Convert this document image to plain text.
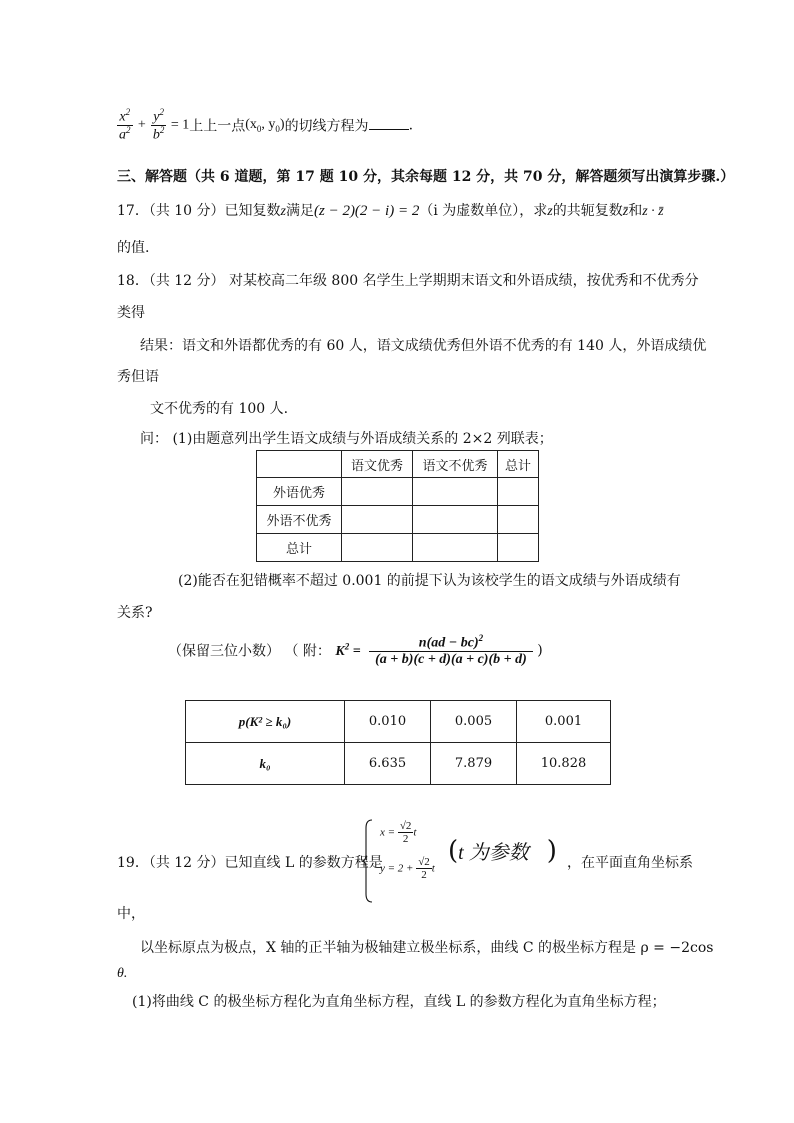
$\frac{x^2}{a^2} + \frac{y^2}{b^2} = 1$上上一点($x_0$, $y_0$)的切线方程为	.
三、解答题（共 6 道题，第 17 题 10 分，其余每题 12 分，共 70 分，解答题须写出演算步骤.）
17．（共 10 分）已知复数z满足(z − 2)(2 − i) = 2（i 为虚数单位），求z的共轭复数z̄和z · z̄
的值.
18．（共 12 分） 对某校高二年级 800 名学生上学期期末语文和外语成绩，按优秀和不优秀分
类得
结果：语文和外语都优秀的有 60 人，语文成绩优秀但外语不优秀的有 140 人，外语成绩优
秀但语
文不优秀的有 100 人.
问： (1)由题意列出学生语文成绩与外语成绩关系的 2×2 列联表；
	语文优秀	语文不优秀	总计
外语优秀			
外语不优秀			
总计			
(2)能否在犯错概率不超过 0.001 的前提下认为该校学生的语文成绩与外语成绩有
关系?
（保留三位小数） （ 附： $K^2 = \frac{n(ad - bc)^2}{(a + b)(c + d)(a + c)(b + d)}$ )
p(K² ≥ k₀)	0.010	0.005	0.001
k₀	6.635	7.879	10.828
19．（共 12 分）已知直线 L 的参数方程是
$x = \frac{√2}{2}$ t
$y = 2 + \frac{√2}{2}$ t
(t 为参数 ) ，在平面直角坐标系
中，
以坐标原点为极点，X 轴的正半轴为极轴建立极坐标系，曲线 C 的极坐标方程是 ρ = −2cos
θ.
(1)将曲线 C 的极坐标方程化为直角坐标方程，直线 L 的参数方程化为直角坐标方程；
